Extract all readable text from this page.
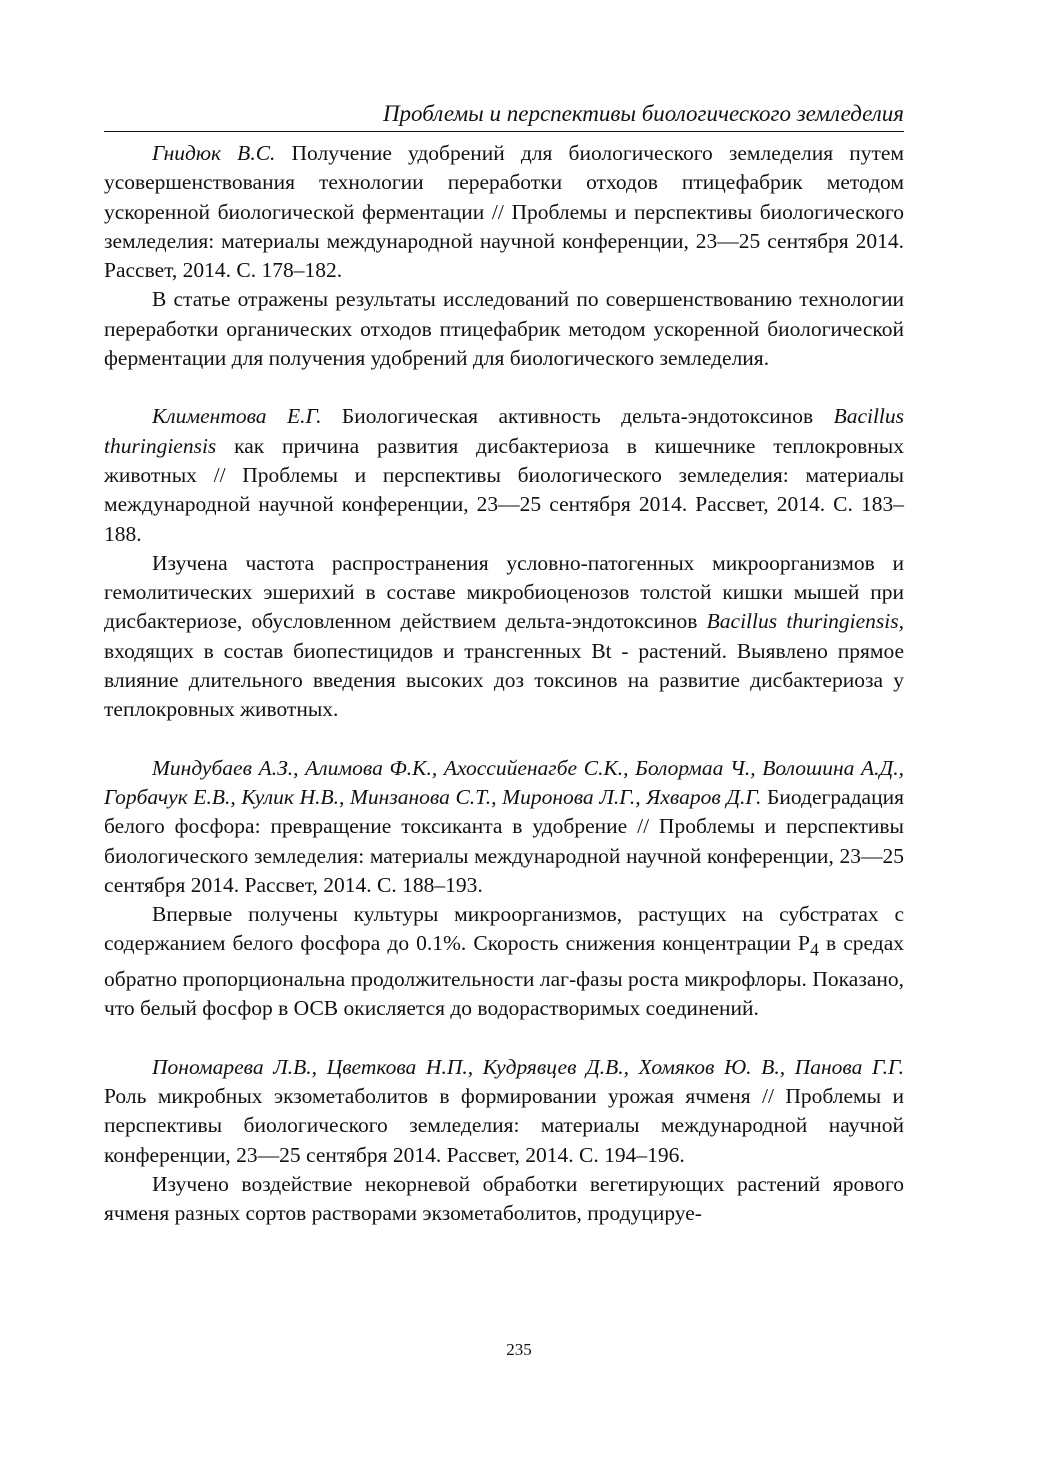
Проблемы и перспективы биологического земледелия

Гнидюк В.С. Получение удобрений для биологического земледелия путем усовершенствования технологии переработки отходов птицефабрик методом ускоренной биологической ферментации // Проблемы и перспективы биологического земледелия: материалы международной научной конференции, 23—25 сентября 2014. Рассвет, 2014. С. 178–182.

В статье отражены результаты исследований по совершенствованию технологии переработки органических отходов птицефабрик методом ускоренной биологической ферментации для получения удобрений для биологического земледелия.

Климентова Е.Г. Биологическая активность дельта-эндотоксинов Bacillus thuringiensis как причина развития дисбактериоза в кишечнике теплокровных животных // Проблемы и перспективы биологического земледелия: материалы международной научной конференции, 23—25 сентября 2014. Рассвет, 2014. С. 183–188.

Изучена частота распространения условно-патогенных микроорганизмов и гемолитических эшерихий в составе микробиоценозов толстой кишки мышей при дисбактериозе, обусловленном действием дельта-эндотоксинов Bacillus thuringiensis, входящих в состав биопестицидов и трансгенных Bt - растений. Выявлено прямое влияние длительного введения высоких доз токсинов на развитие дисбактериоза у теплокровных животных.

Миндубаев А.З., Алимова Ф.К., Ахоссийенагбе С.К., Болормаа Ч., Волошина А.Д., Горбачук Е.В., Кулик Н.В., Минзанова С.Т., Миронова Л.Г., Яхваров Д.Г. Биодеградация белого фосфора: превращение токсиканта в удобрение // Проблемы и перспективы биологического земледелия: материалы международной научной конференции, 23—25 сентября 2014. Рассвет, 2014. С. 188–193.

Впервые получены культуры микроорганизмов, растущих на субстратах с содержанием белого фосфора до 0.1%. Скорость снижения концентрации $P_4$ в средах обратно пропорциональна продолжительности лаг-фазы роста микрофлоры. Показано, что белый фосфор в ОСВ окисляется до водорастворимых соединений.

Пономарева Л.В., Цветкова Н.П., Кудрявцев Д.В., Хомяков Ю. В., Панова Г.Г. Роль микробных экзометаболитов в формировании урожая ячменя // Проблемы и перспективы биологического земледелия: материалы международной научной конференции, 23—25 сентября 2014. Рассвет, 2014. С. 194–196.

Изучено воздействие некорневой обработки вегетирующих растений ярового ячменя разных сортов растворами экзометаболитов, продуцируе-

235
